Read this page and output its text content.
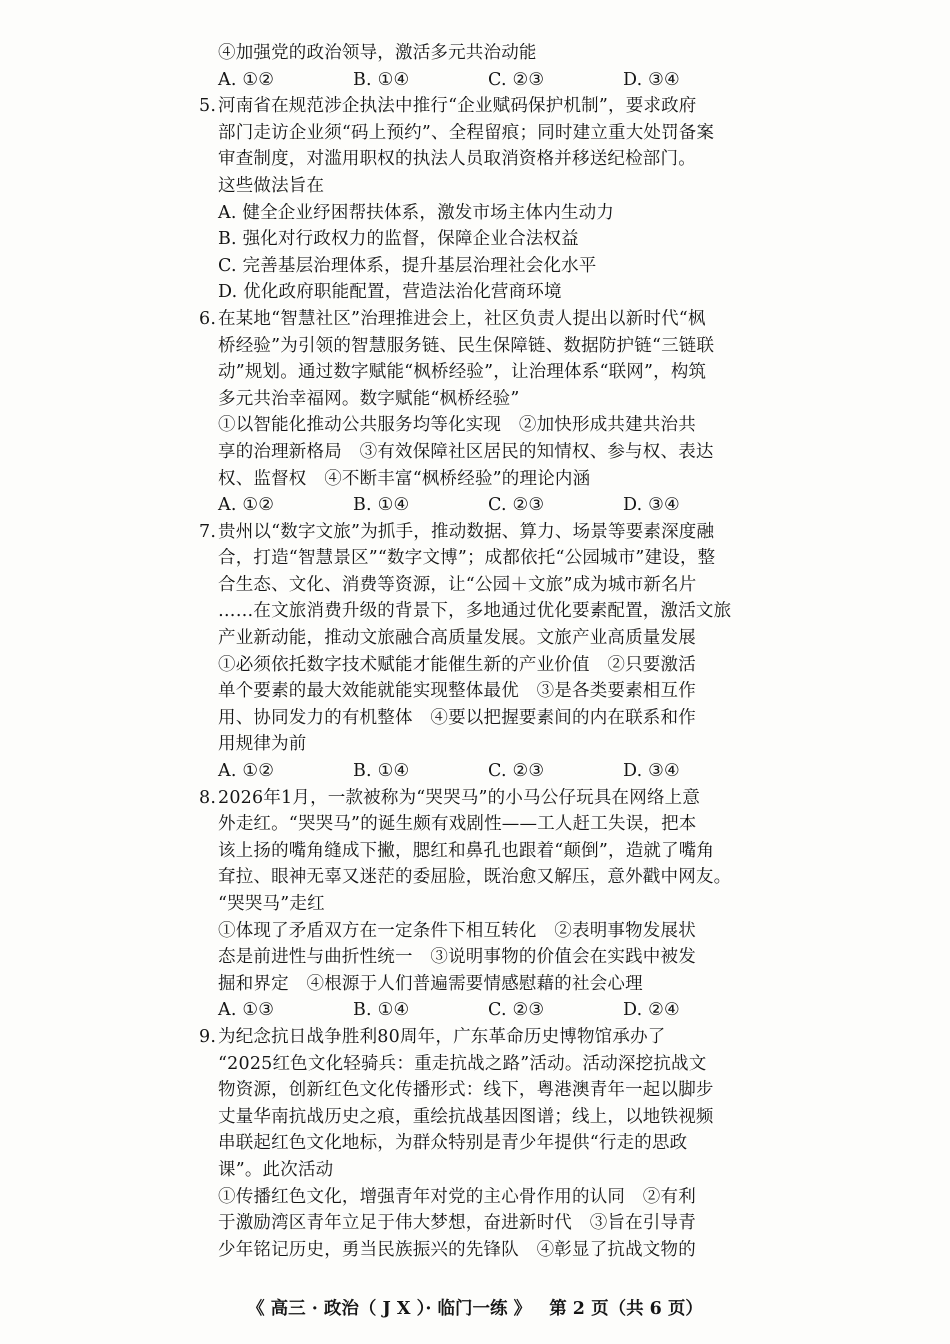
④加强党的政治领导，激活多元共治动能
A. ①②	B. ①④	C. ②③	D. ③④
5. 河南省在规范涉企执法中推行“企业赋码保护机制”，要求政府
部门走访企业须“码上预约”、全程留痕；同时建立重大处罚备案
审查制度，对滥用职权的执法人员取消资格并移送纪检部门。
这些做法旨在
A. 健全企业纾困帮扶体系，激发市场主体内生动力
B. 强化对行政权力的监督，保障企业合法权益
C. 完善基层治理体系，提升基层治理社会化水平
D. 优化政府职能配置，营造法治化营商环境
6. 在某地“智慧社区”治理推进会上，社区负责人提出以新时代“枫
桥经验”为引领的智慧服务链、民生保障链、数据防护链“三链联
动”规划。通过数字赋能“枫桥经验”，让治理体系“联网”，构筑
多元共治幸福网。数字赋能“枫桥经验”
①以智能化推动公共服务均等化实现　②加快形成共建共治共
享的治理新格局　③有效保障社区居民的知情权、参与权、表达
权、监督权　④不断丰富“枫桥经验”的理论内涵
A. ①②	B. ①④	C. ②③	D. ③④
7. 贵州以“数字文旅”为抓手，推动数据、算力、场景等要素深度融
合，打造“智慧景区”“数字文博”；成都依托“公园城市”建设，整
合生态、文化、消费等资源，让“公园＋文旅”成为城市新名片
……在文旅消费升级的背景下，多地通过优化要素配置，激活文旅
产业新动能，推动文旅融合高质量发展。文旅产业高质量发展
①必须依托数字技术赋能才能催生新的产业价值　②只要激活
单个要素的最大效能就能实现整体最优　③是各类要素相互作
用、协同发力的有机整体　④要以把握要素间的内在联系和作
用规律为前
A. ①②	B. ①④	C. ②③	D. ③④
8. 2026年1月，一款被称为“哭哭马”的小马公仔玩具在网络上意
外走红。“哭哭马”的诞生颇有戏剧性——工人赶工失误，把本
该上扬的嘴角缝成下撇，腮红和鼻孔也跟着“颠倒”，造就了嘴角
耷拉、眼神无辜又迷茫的委屈脸，既治愈又解压，意外戳中网友。
“哭哭马”走红
①体现了矛盾双方在一定条件下相互转化　②表明事物发展状
态是前进性与曲折性统一　③说明事物的价值会在实践中被发
掘和界定　④根源于人们普遍需要情感慰藉的社会心理
A. ①③	B. ①④	C. ②③	D. ②④
9. 为纪念抗日战争胜利80周年，广东革命历史博物馆承办了
“2025红色文化轻骑兵：重走抗战之路”活动。活动深挖抗战文
物资源，创新红色文化传播形式：线下，粤港澳青年一起以脚步
丈量华南抗战历史之痕，重绘抗战基因图谱；线上，以地铁视频
串联起红色文化地标，为群众特别是青少年提供“行走的思政
课”。此次活动
①传播红色文化，增强青年对党的主心骨作用的认同　②有利
于激励湾区青年立足于伟大梦想，奋进新时代　③旨在引导青
少年铭记历史，勇当民族振兴的先锋队　④彰显了抗战文物的
《 高三 · 政治（ J X ）· 临门一练 》 第 2 页（共 6 页）
